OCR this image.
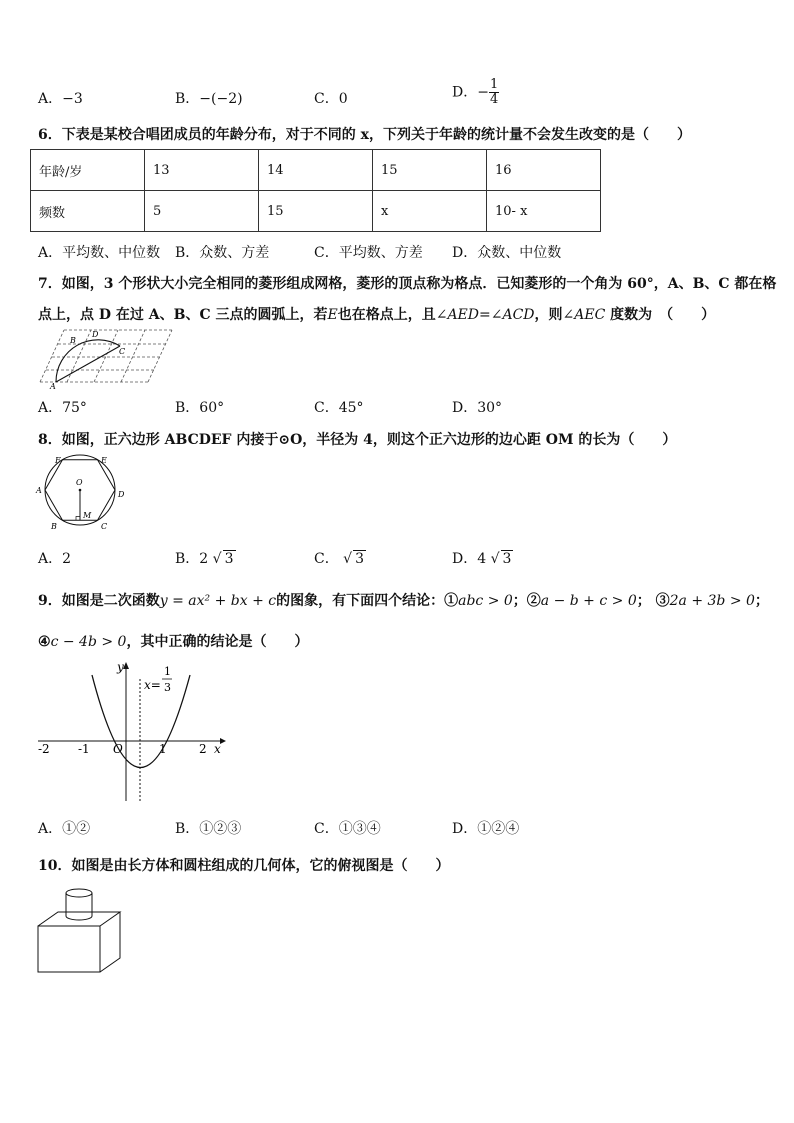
A．−3	B．−(−2)	C．0	D．− $\frac{1}{4}$
6．下表是某校合唱团成员的年龄分布，对于不同的 x，下列关于年龄的统计量不会发生改变的是（　　）
年龄/岁	13	14	15	16
频数	5	15	x	10- x
A．平均数、中位数 B．众数、方差	C．平均数、方差 D．众数、中位数
7．如图，3 个形状大小完全相同的菱形组成网格，菱形的顶点称为格点．已知菱形的一个角为 60°，A、B、C 都在格
点上，点 D 在过 A、B、C 三点的圆弧上，若E也在格点上，且∠AED=∠ACD，则∠AEC 度数为　（　　）
A
B
D
C
A．75°	B．60°	C．45°	D．30°
8．如图，正六边形 ABCDEF 内接于⊙O，半径为 4，则这个正六边形的边心距 OM 的长为（　　）
O
M
A
B	C
D
E
F
A．2	B．2 √ 3	C． √ 3	D．4 √ 3
9．如图是二次函数y = ax² + bx + c的图象，有下面四个结论：①abc > 0；②a − b + c > 0； ③2a + 3b > 0；
④c − 4b > 0，其中正确的结论是（　　）
y
x
x=
1
3
O
-2 -1	1	2
A．①②	B．①②③	C．①③④	D．①②④
10．如图是由长方体和圆柱组成的几何体，它的俯视图是（　　）
